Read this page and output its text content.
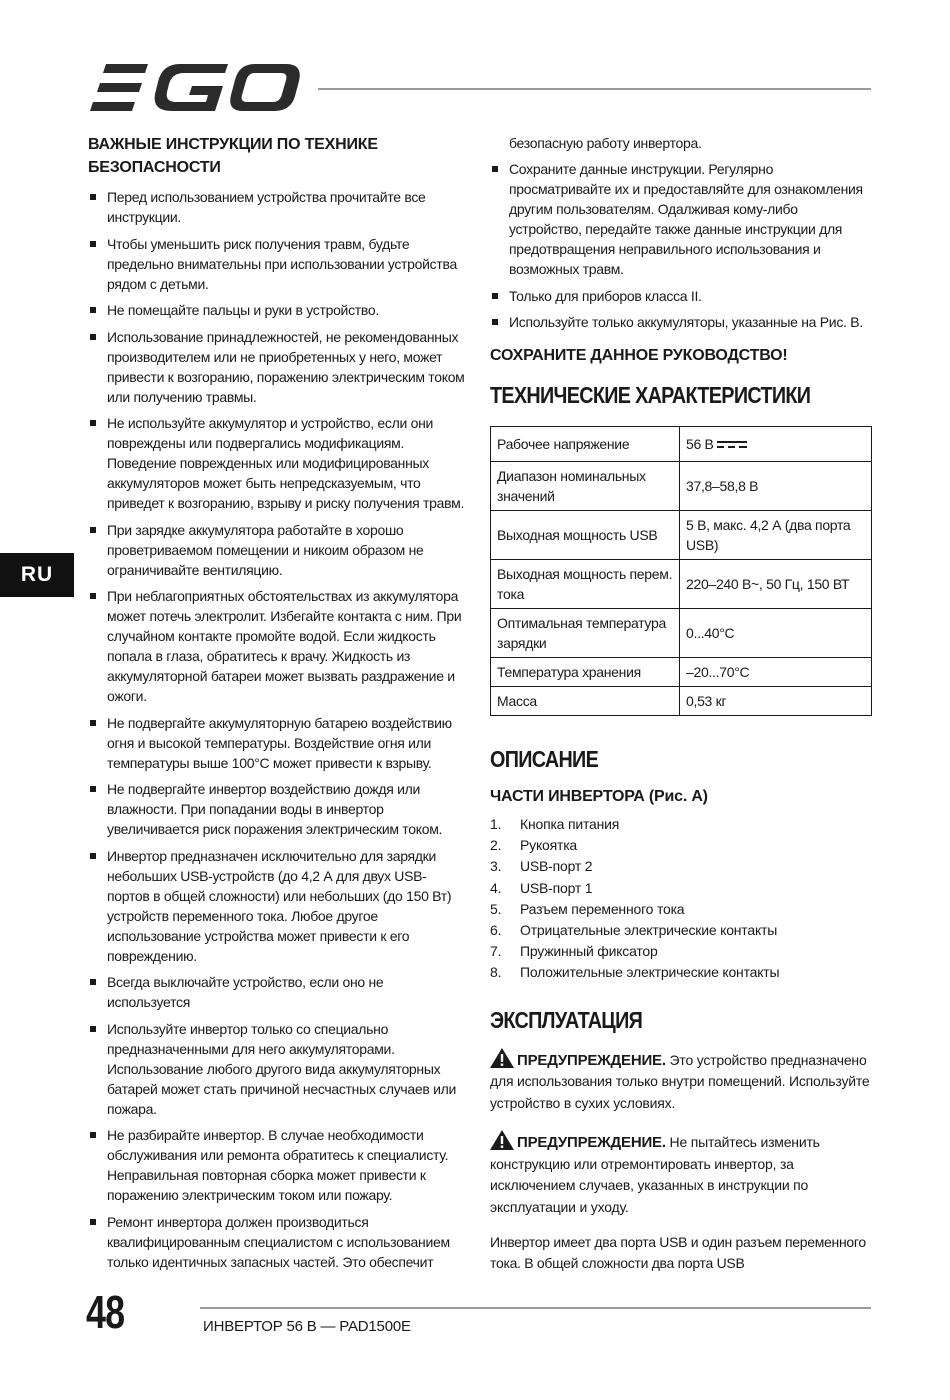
RU
ВАЖНЫЕ ИНСТРУКЦИИ ПО ТЕХНИКЕ БЕЗОПАСНОСТИ
Перед использованием устройства прочитайте все инструкции.
Чтобы уменьшить риск получения травм, будьте предельно внимательны при использовании устройства рядом с детьми.
Не помещайте пальцы и руки в устройство.
Использование принадлежностей, не рекомендованных производителем или не приобретенных у него, может привести к возгоранию, поражению электрическим током или получению травмы.
Не используйте аккумулятор и устройство, если они повреждены или подвергались модификациям. Поведение поврежденных или модифицированных аккумуляторов может быть непредсказуемым, что приведет к возгоранию, взрыву и риску получения травм.
При зарядке аккумулятора работайте в хорошо проветриваемом помещении и никоим образом не ограничивайте вентиляцию.
При неблагоприятных обстоятельствах из аккумулятора может потечь электролит. Избегайте контакта с ним. При случайном контакте промойте водой. Если жидкость попала в глаза, обратитесь к врачу. Жидкость из аккумуляторной батареи может вызвать раздражение и ожоги.
Не подвергайте аккумуляторную батарею воздействию огня и высокой температуры. Воздействие огня или температуры выше 100°C может привести к взрыву.
Не подвергайте инвертор воздействию дождя или влажности. При попадании воды в инвертор увеличивается риск поражения электрическим током.
Инвертор предназначен исключительно для зарядки небольших USB-устройств (до 4,2 А для двух USB-портов в общей сложности) или небольших (до 150 Вт) устройств переменного тока. Любое другое использование устройства может привести к его повреждению.
Всегда выключайте устройство, если оно не используется
Используйте инвертор только со специально предназначенными для него аккумуляторами. Использование любого другого вида аккумуляторных батарей может стать причиной несчастных случаев или пожара.
Не разбирайте инвертор. В случае необходимости обслуживания или ремонта обратитесь к специалисту. Неправильная повторная сборка может привести к поражению электрическим током или пожару.
Ремонт инвертора должен производиться квалифицированным специалистом с использованием только идентичных запасных частей. Это обеспечит
безопасную работу инвертора.
Сохраните данные инструкции. Регулярно просматривайте их и предоставляйте для ознакомления другим пользователям. Одалживая кому-либо устройство, передайте также данные инструкции для предотвращения неправильного использования и возможных травм.
Только для приборов класса II.
Используйте только аккумуляторы, указанные на Рис. В.
СОХРАНИТЕ ДАННОЕ РУКОВОДСТВО!
ТЕХНИЧЕСКИЕ ХАРАКТЕРИСТИКИ
Рабочее напряжение	56 В
Диапазон номинальных значений	37,8–58,8 В
Выходная мощность USB	5 В, макс. 4,2 А (два порта USB)
Выходная мощность перем. тока	220–240 В~, 50 Гц, 150 ВТ
Оптимальная температура зарядки	0...40°C
Температура хранения	–20...70°C
Масса	0,53 кг
ОПИСАНИЕ
ЧАСТИ ИНВЕРТОРА (Рис. А)
1.	Кнопка питания
2.	Рукоятка
3.	USB-порт 2
4.	USB-порт 1
5.	Разъем переменного тока
6.	Отрицательные электрические контакты
7.	Пружинный фиксатор
8.	Положительные электрические контакты
ЭКСПЛУАТАЦИЯ
ПРЕДУПРЕЖДЕНИЕ. Это устройство предназначено для использования только внутри помещений. Используйте устройство в сухих условиях.
ПРЕДУПРЕЖДЕНИЕ. Не пытайтесь изменить конструкцию или отремонтировать инвертор, за исключением случаев, указанных в инструкции по эксплуатации и уходу.
Инвертор имеет два порта USB и один разъем переменного тока. В общей сложности два порта USB
48	ИНВЕРТОР 56 В — PAD1500E
